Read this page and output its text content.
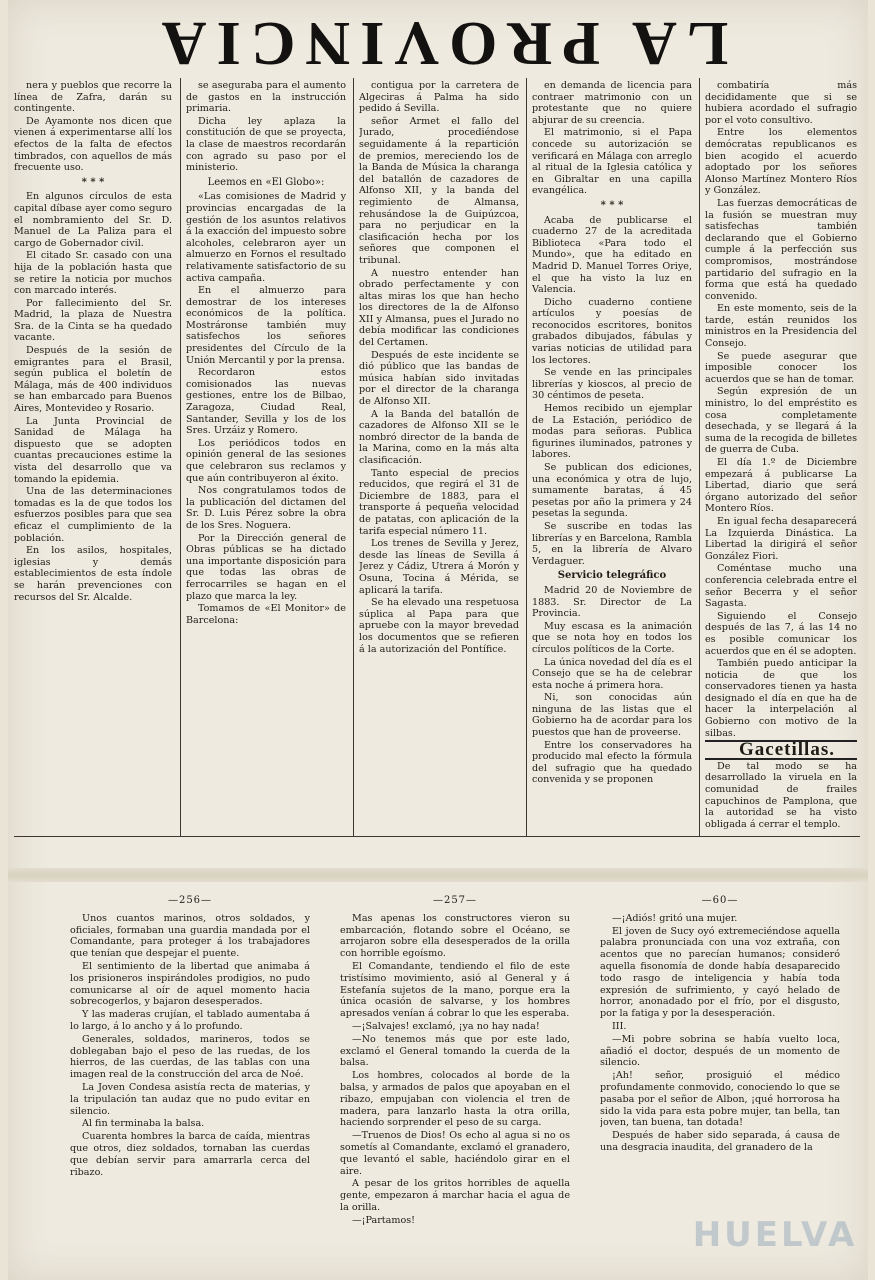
LA PROVINCIA

nera y pueblos que recorre la línea de Zafra, darán su contingente.

De Ayamonte nos dicen que vienen á experimentarse allí los efectos de la falta de efectos timbrados, con aquellos de más frecuente uso.

* * *

En algunos círculos de esta capital díbase ayer como seguro el nombramiento del Sr. D. Manuel de La Paliza para el cargo de Gobernador civil.

El citado Sr. casado con una hija de la población hasta que se retire la noticia por muchos con marcado interés.

Por fallecimiento del Sr. Madrid, la plaza de Nuestra Sra. de la Cinta se ha quedado vacante.

Después de la sesión de emigrantes para el Brasil, según publica el boletín de Málaga, más de 400 individuos se han embarcado para Buenos Aires, Montevideo y Rosario.

La Junta Provincial de Sanidad de Málaga ha dispuesto que se adopten cuantas precauciones estime la vista del desarrollo que va tomando la epidemia.

Una de las determinaciones tomadas es la de que todos los esfuerzos posibles para que sea eficaz el cumplimiento de la población.

En los asilos, hospitales, iglesias y demás establecimientos de esta índole se harán prevenciones con recursos del Sr. Alcalde.

se aseguraba para el aumento de gastos en la instrucción primaria.

Dicha ley aplaza la constitución de que se proyecta, la clase de maestros recordarán con agrado su paso por el ministerio.

Leemos en «El Globo»:

«Las comisiones de Madrid y provincias encargadas de la gestión de los asuntos relativos á la exacción del impuesto sobre alcoholes, celebraron ayer un almuerzo en Fornos el resultado relativamente satisfactorio de su activa campaña.

En el almuerzo para demostrar de los intereses económicos de la política. Mostráronse también muy satisfechos los señores presidentes del Círculo de la Unión Mercantil y por la prensa.

Recordaron estos comisionados las nuevas gestiones, entre los de Bilbao, Zaragoza, Ciudad Real, Santander, Sevilla y los de los Sres. Urzáiz y Romero.

Los periódicos todos en opinión general de las sesiones que celebraron sus reclamos y que aún contribuyeron al éxito.

Nos congratulamos todos de la publicación del dictamen del Sr. D. Luis Pérez sobre la obra de los Sres. Noguera.

Por la Dirección general de Obras públicas se ha dictado una importante disposición para que todas las obras de ferrocarriles se hagan en el plazo que marca la ley.

Tomamos de «El Monitor» de Barcelona:

contigua por la carretera de Algeciras á Palma ha sido pedido á Sevilla.

señor Armet el fallo del Jurado, procediéndose seguidamente á la repartición de premios, mereciendo los de la Banda de Música la charanga del batallón de cazadores de Alfonso XII, y la banda del regimiento de Almansa, rehusándose la de Guipúzcoa, para no perjudicar en la clasificación hecha por los señores que componen el tribunal.

A nuestro entender han obrado perfectamente y con altas miras los que han hecho los directores de la de Alfonso XII y Almansa, pues el Jurado no debía modificar las condiciones del Certamen.

Después de este incidente se dió público que las bandas de música habían sido invitadas por el director de la charanga de Alfonso XII.

A la Banda del batallón de cazadores de Alfonso XII se le nombró director de la banda de la Marina, como en la más alta clasificación.

Tanto especial de precios reducidos, que regirá el 31 de Diciembre de 1883, para el transporte á pequeña velocidad de patatas, con aplicación de la tarifa especial número 11.

Los trenes de Sevilla y Jerez, desde las líneas de Sevilla á Jerez y Cádiz, Utrera á Morón y Osuna, Tocina á Mérida, se aplicará la tarifa.

Se ha elevado una respetuosa súplica al Papa para que apruebe con la mayor brevedad los documentos que se refieren á la autorización del Pontífice.

en demanda de licencia para contraer matrimonio con un protestante que no quiere abjurar de su creencia.

El matrimonio, si el Papa concede su autorización se verificará en Málaga con arreglo al ritual de la Iglesia católica y en Gibraltar en una capilla evangélica.

* * *

Acaba de publicarse el cuaderno 27 de la acreditada Biblioteca «Para todo el Mundo», que ha editado en Madrid D. Manuel Torres Oriye, el que ha visto la luz en Valencia.

Dicho cuaderno contiene artículos y poesías de reconocidos escritores, bonitos grabados dibujados, fábulas y varias noticias de utilidad para los lectores.

Se vende en las principales librerías y kioscos, al precio de 30 céntimos de peseta.

Hemos recibido un ejemplar de La Estación, periódico de modas para señoras. Publica figurines iluminados, patrones y labores.

Se publican dos ediciones, una económica y otra de lujo, sumamente baratas, á 45 pesetas por año la primera y 24 pesetas la segunda.

Se suscribe en todas las librerías y en Barcelona, Rambla 5, en la librería de Alvaro Verdaguer.

Servicio telegráfico

Madrid 20 de Noviembre de 1883. Sr. Director de La Provincia.

Muy escasa es la animación que se nota hoy en todos los círculos políticos de la Corte.

La única novedad del día es el Consejo que se ha de celebrar esta noche á primera hora.

Ni, son conocidas aún ninguna de las listas que el Gobierno ha de acordar para los puestos que han de proveerse.

Entre los conservadores ha producido mal efecto la fórmula del sufragio que ha quedado convenida y se proponen

combatiría más decididamente que si se hubiera acordado el sufragio por el voto consultivo.

Entre los elementos demócratas republicanos es bien acogido el acuerdo adoptado por los señores Alonso Martínez Montero Ríos y González.

Las fuerzas democráticas de la fusión se muestran muy satisfechas también declarando que el Gobierno cumple á la perfección sus compromisos, mostrándose partidario del sufragio en la forma que está ha quedado convenido.

En este momento, seis de la tarde, están reunidos los ministros en la Presidencia del Consejo.

Se puede asegurar que imposible conocer los acuerdos que se han de tomar.

Según expresión de un ministro, lo del empréstito es cosa completamente desechada, y se llegará á la suma de la recogida de billetes de guerra de Cuba.

El día 1.º de Diciembre empezará á publicarse La Libertad, diario que será órgano autorizado del señor Montero Ríos.

En igual fecha desaparecerá La Izquierda Dinástica. La Libertad la dirigirá el señor González Fiori.

Coméntase mucho una conferencia celebrada entre el señor Becerra y el señor Sagasta.

Siguiendo el Consejo después de las 7, á las 14 no es posible comunicar los acuerdos que en él se adopten.

También puedo anticipar la noticia de que los conservadores tienen ya hasta designado el día en que ha de hacer la interpelación al Gobierno con motivo de la silbas.

Gacetillas.

De tal modo se ha desarrollado la viruela en la comunidad de frailes capuchinos de Pamplona, que la autoridad se ha visto obligada á cerrar el templo.

—256—

Unos cuantos marinos, otros soldados, y oficiales, formaban una guardia mandada por el Comandante, para proteger á los trabajadores que tenían que despejar el puente.

El sentimiento de la libertad que animaba á los prisioneros inspirándoles prodigios, no pudo comunicarse al oír de aquel momento hacia sobrecogerlos, y bajaron desesperados.

Y las maderas crujían, el tablado aumentaba á lo largo, á lo ancho y á lo profundo.

Generales, soldados, marineros, todos se doblegaban bajo el peso de las ruedas, de los hierros, de las cuerdas, de las tablas con una imagen real de la construcción del arca de Noé.

La Joven Condesa asistía recta de materias, y la tripulación tan audaz que no pudo evitar en silencio.

Al fin terminaba la balsa.

Cuarenta hombres la barca de caída, mientras que otros, diez soldados, tornaban las cuerdas que debían servir para amarrarla cerca del ribazo.

—257—

Mas apenas los constructores vieron su embarcación, flotando sobre el Océano, se arrojaron sobre ella desesperados de la orilla con horrible egoísmo.

El Comandante, tendiendo el filo de este tristísimo movimiento, asió al General y á Estefanía sujetos de la mano, porque era la única ocasión de salvarse, y los hombres apresados venían á cobrar lo que les esperaba.

—¡Salvajes! exclamó, ¡ya no hay nada!

—No tenemos más que por este lado, exclamó el General tomando la cuerda de la balsa.

Los hombres, colocados al borde de la balsa, y armados de palos que apoyaban en el ribazo, empujaban con violencia el tren de madera, para lanzarlo hasta la otra orilla, haciendo sorprender el peso de su carga.

—Truenos de Dios! Os echo al agua si no os sometís al Comandante, exclamó el granadero, que levantó el sable, haciéndolo girar en el aire.

A pesar de los gritos horribles de aquella gente, empezaron á marchar hacia el agua de la orilla.

—¡Partamos!

—60—

—¡Adiós! gritó una mujer.

El joven de Sucy oyó extremeciéndose aquella palabra pronunciada con una voz extraña, con acentos que no parecían humanos; consideró aquella fisonomía de donde había desaparecido todo rasgo de inteligencia y había toda expresión de sufrimiento, y cayó helado de horror, anonadado por el frío, por el disgusto, por la fatiga y por la desesperación.

III.

—Mi pobre sobrina se había vuelto loca, añadió el doctor, después de un momento de silencio.

¡Ah! señor, prosiguió el médico profundamente conmovido, conociendo lo que se pasaba por el señor de Albon, ¡qué horrorosa ha sido la vida para esta pobre mujer, tan bella, tan joven, tan buena, tan dotada!

Después de haber sido separada, á causa de una desgracia inaudita, del granadero de la

HUELVA
